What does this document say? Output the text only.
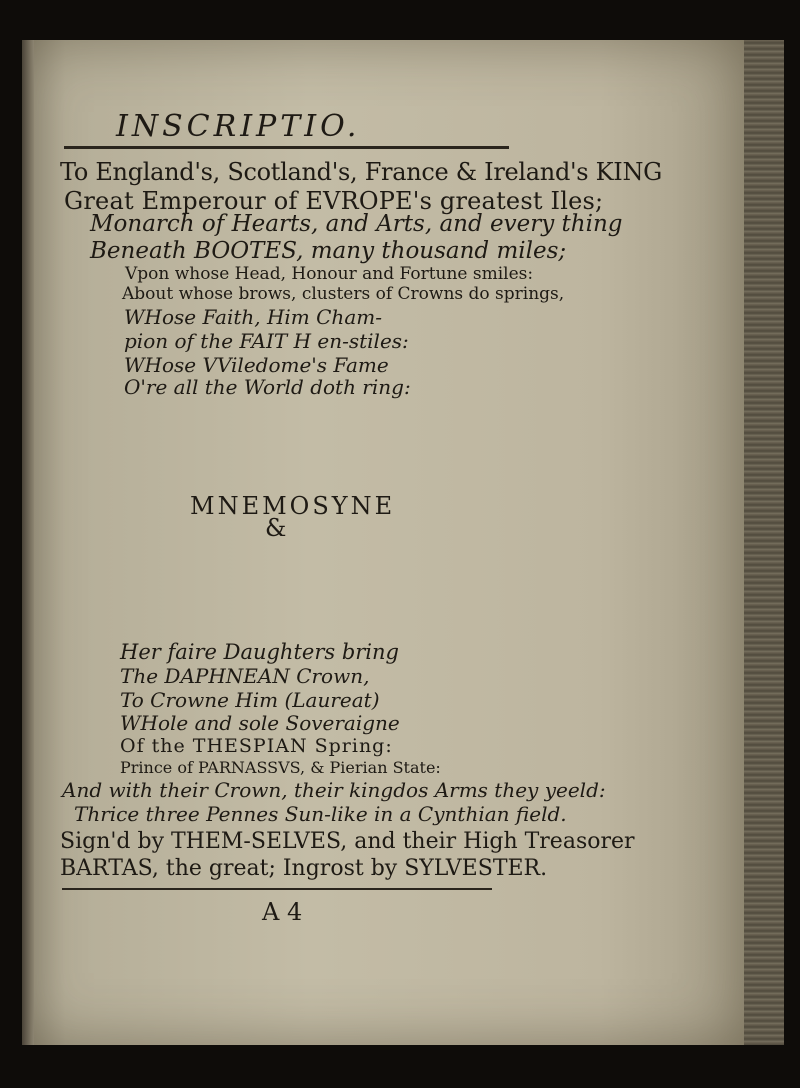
INSCRIPTIO.
To England's, Scotland's, France & Ireland's KING
Great Emperour of EVROPE's greatest Iles;
Monarch of Hearts, and Arts, and every thing
Beneath BOOTES, many thousand miles;
Vpon whose Head, Honour and Fortune smiles:
About whose brows, clusters of Crowns do springs,
WHose Faith, Him Cham-
pion of the FAIT H en-stiles:
WHose VViledome's Fame
O're all the World doth ring:
MNEMOSYNE
&
Her faire Daughters bring
The DAPHNEAN Crown,
To Crowne Him (Laureat)
WHole and sole Soveraigne
Of the THESPIAN Spring:
Prince of PARNASSVS, & Pierian State:
And with their Crown, their kingdos Arms they yeeld:
Thrice three Pennes Sun-like in a Cynthian field.
Sign'd by THEM-SELVES, and their High Treasorer
BARTAS, the great; Ingrost by SYLVESTER.
A 4
